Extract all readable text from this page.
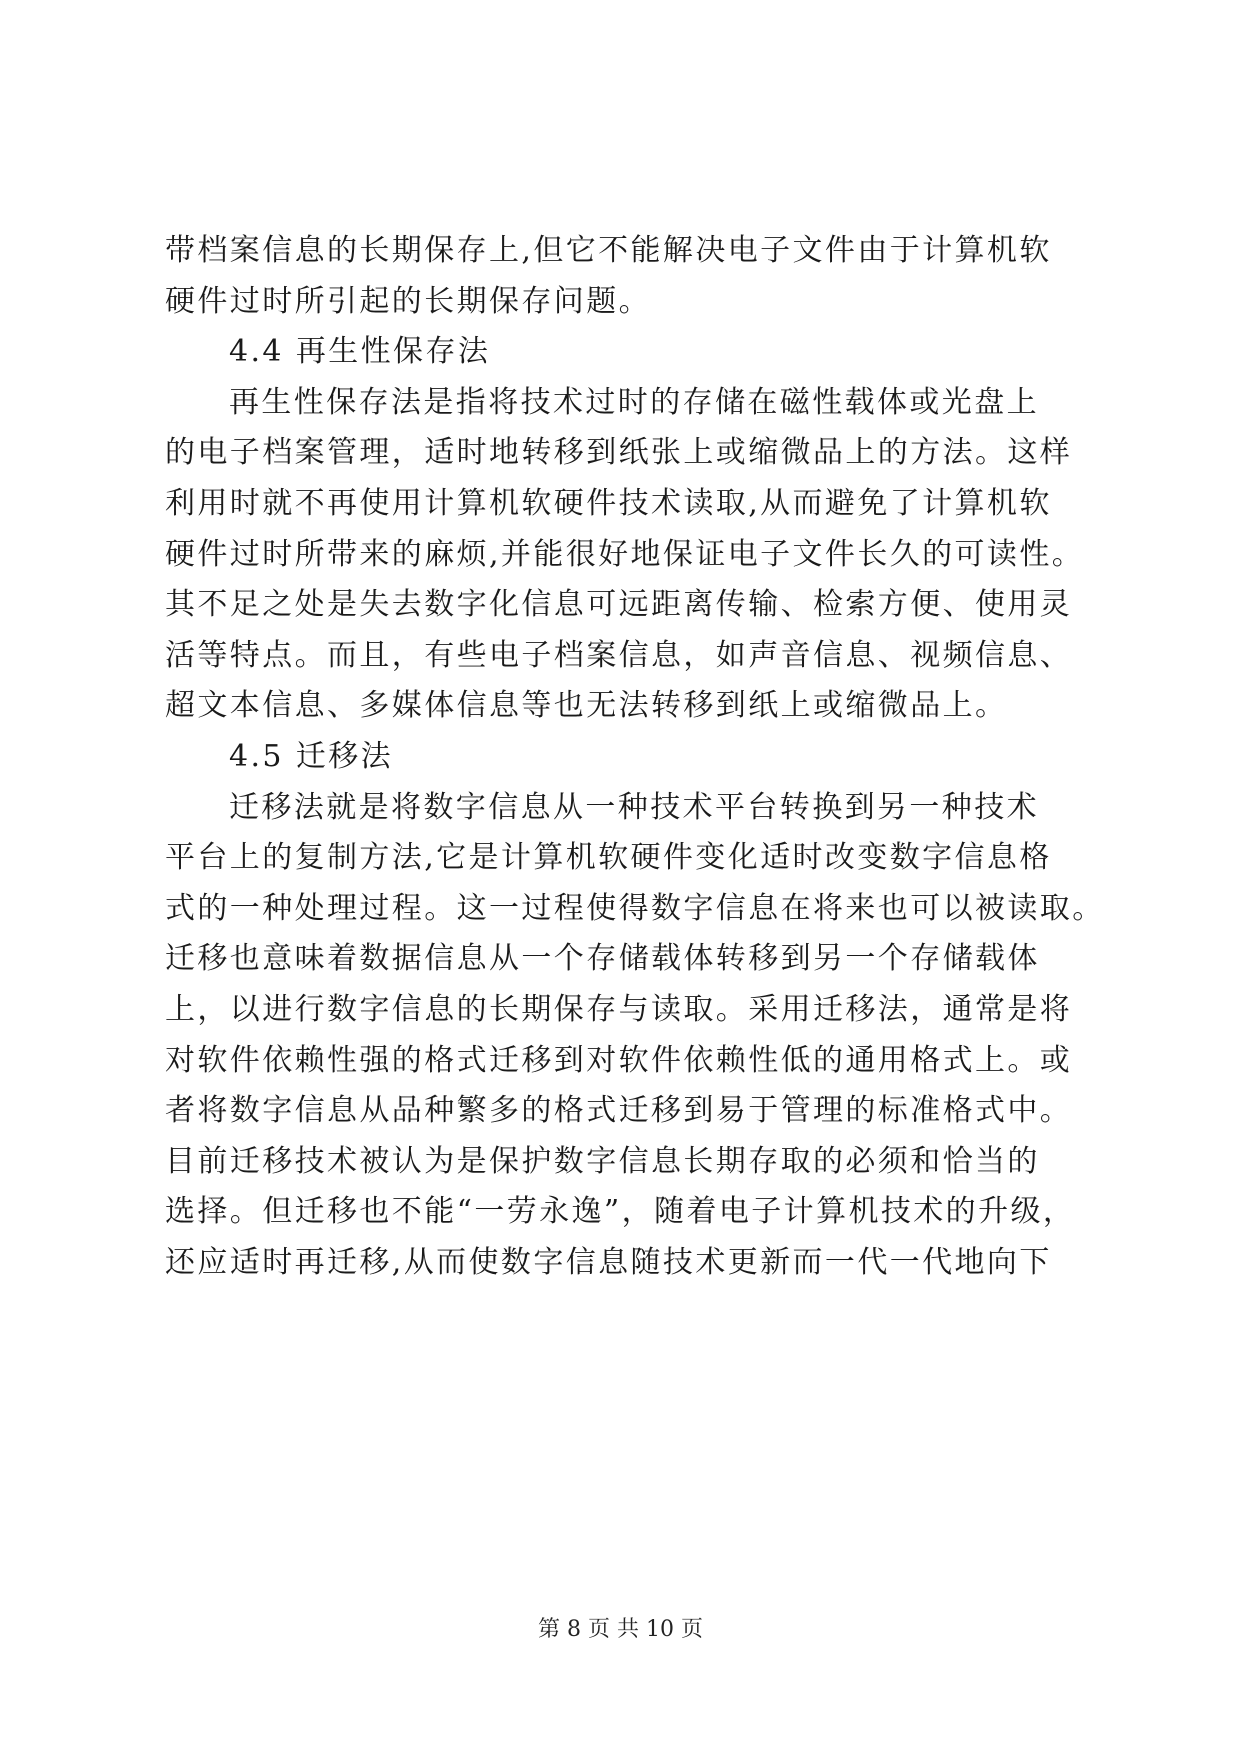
带档案信息的长期保存上,但它不能解决电子文件由于计算机软

硬件过时所引起的长期保存问题。

4.4 再生性保存法

再生性保存法是指将技术过时的存储在磁性载体或光盘上

的电子档案管理，适时地转移到纸张上或缩微品上的方法。这样

利用时就不再使用计算机软硬件技术读取,从而避免了计算机软

硬件过时所带来的麻烦,并能很好地保证电子文件长久的可读性。

其不足之处是失去数字化信息可远距离传输、检索方便、使用灵

活等特点。而且，有些电子档案信息，如声音信息、视频信息、

超文本信息、多媒体信息等也无法转移到纸上或缩微品上。

4.5 迁移法

迁移法就是将数字信息从一种技术平台转换到另一种技术

平台上的复制方法,它是计算机软硬件变化适时改变数字信息格

式的一种处理过程。这一过程使得数字信息在将来也可以被读取。

迁移也意味着数据信息从一个存储载体转移到另一个存储载体

上，以进行数字信息的长期保存与读取。采用迁移法，通常是将

对软件依赖性强的格式迁移到对软件依赖性低的通用格式上。或

者将数字信息从品种繁多的格式迁移到易于管理的标准格式中。

目前迁移技术被认为是保护数字信息长期存取的必须和恰当的

选择。但迁移也不能“一劳永逸”，随着电子计算机技术的升级，

还应适时再迁移,从而使数字信息随技术更新而一代一代地向下

第 8 页 共 10 页
